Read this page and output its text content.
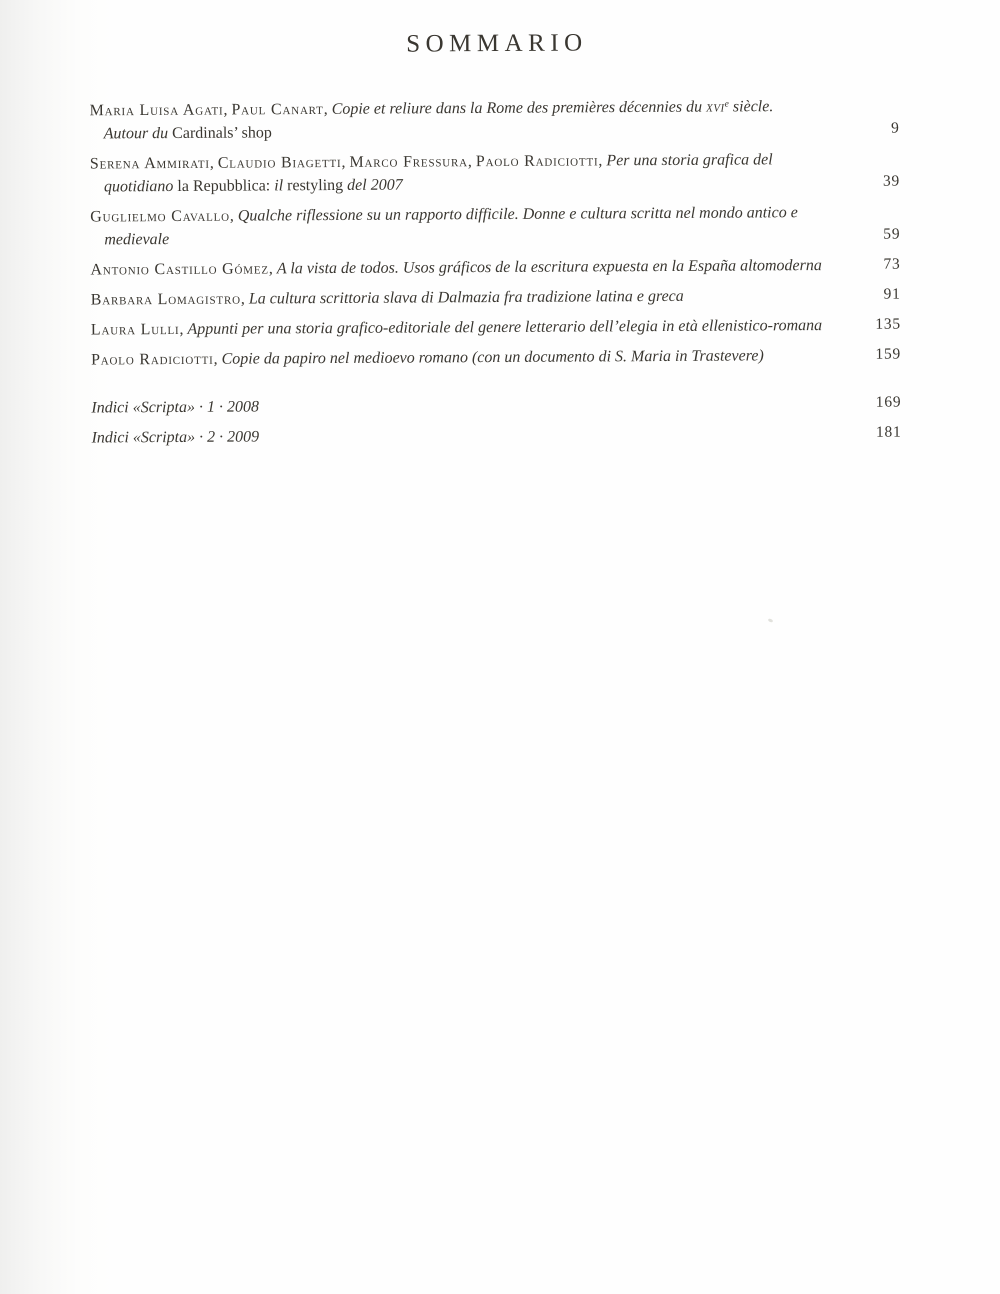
SOMMARIO
Maria Luisa Agati, Paul Canart, Copie et reliure dans la Rome des premières décennies du xvi$^e$ siècle.
Autour du Cardinals’ shop	9
Serena Ammirati, Claudio Biagetti, Marco Fressura, Paolo Radiciotti, Per una storia grafica del
quotidiano la Repubblica: il restyling del 2007	39
Guglielmo Cavallo, Qualche riflessione su un rapporto difficile. Donne e cultura scritta nel mondo antico e
medievale	59
Antonio Castillo Gómez, A la vista de todos. Usos gráficos de la escritura expuesta en la España altomoderna	73
Barbara Lomagistro, La cultura scrittoria slava di Dalmazia fra tradizione latina e greca	91
Laura Lulli, Appunti per una storia grafico-editoriale del genere letterario dell’elegia in età ellenistico-romana	135
Paolo Radiciotti, Copie da papiro nel medioevo romano (con un documento di S. Maria in Trastevere)	159
Indici «Scripta» · 1 · 2008	169
Indici «Scripta» · 2 · 2009	181
